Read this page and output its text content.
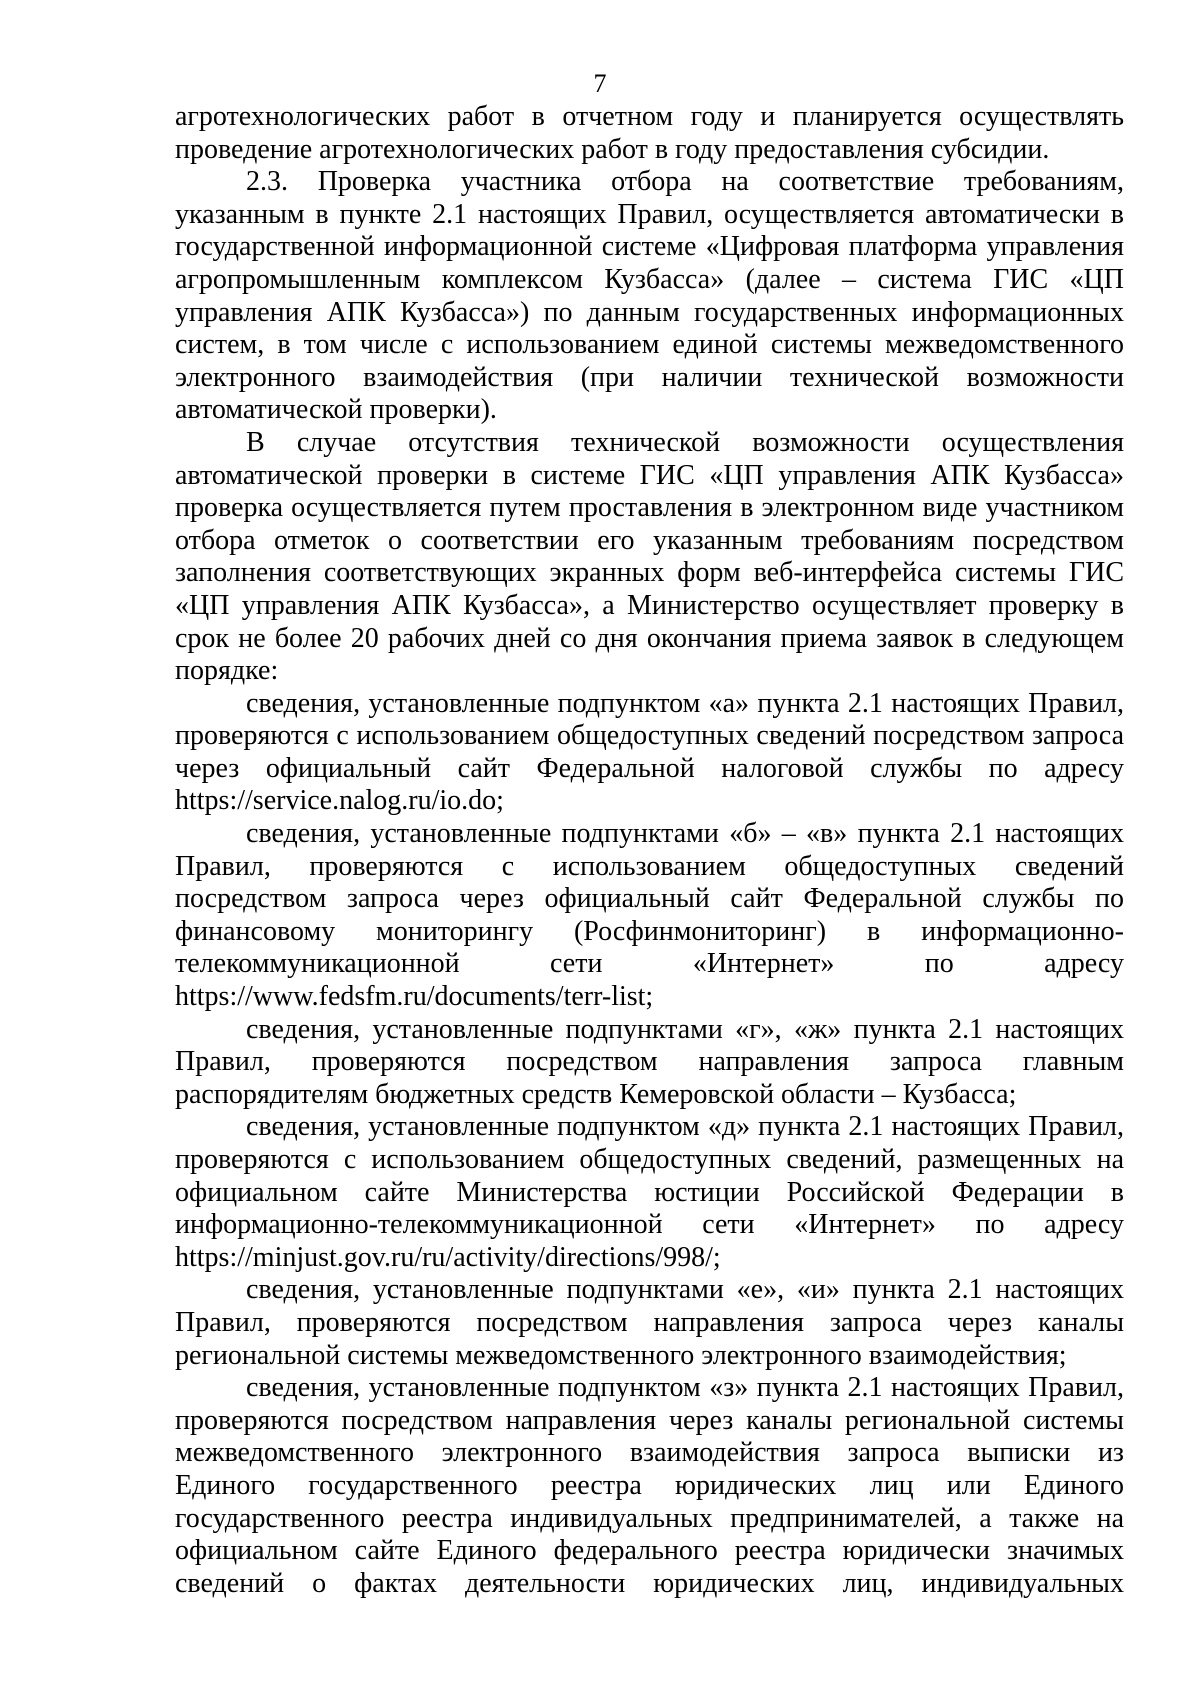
7

агротехнологических работ в отчетном году и планируется осуществлять проведение агротехнологических работ в году предоставления субсидии.

2.3. Проверка участника отбора на соответствие требованиям, указанным в пункте 2.1 настоящих Правил, осуществляется автоматически в государственной информационной системе «Цифровая платформа управления агропромышленным комплексом Кузбасса» (далее – система ГИС «ЦП управления АПК Кузбасса») по данным государственных информационных систем, в том числе с использованием единой системы межведомственного электронного взаимодействия (при наличии технической возможности автоматической проверки).

В случае отсутствия технической возможности осуществления автоматической проверки в системе ГИС «ЦП управления АПК Кузбасса» проверка осуществляется путем проставления в электронном виде участником отбора отметок о соответствии его указанным требованиям посредством заполнения соответствующих экранных форм веб-интерфейса системы ГИС «ЦП управления АПК Кузбасса», а Министерство осуществляет проверку в срок не более 20 рабочих дней со дня окончания приема заявок в следующем порядке:

сведения, установленные подпунктом «а» пункта 2.1 настоящих Правил, проверяются с использованием общедоступных сведений посредством запроса через официальный сайт Федеральной налоговой службы по адресу https://service.nalog.ru/io.do;

сведения, установленные подпунктами «б» – «в» пункта 2.1 настоящих Правил, проверяются с использованием общедоступных сведений посредством запроса через официальный сайт Федеральной службы по финансовому мониторингу (Росфинмониторинг) в информационно-телекоммуникационной сети «Интернет» по адресу https://www.fedsfm.ru/documents/terr-list;

сведения, установленные подпунктами «г», «ж» пункта 2.1 настоящих Правил, проверяются посредством направления запроса главным распорядителям бюджетных средств Кемеровской области – Кузбасса;

сведения, установленные подпунктом «д» пункта 2.1 настоящих Правил, проверяются с использованием общедоступных сведений, размещенных на официальном сайте Министерства юстиции Российской Федерации в информационно-телекоммуникационной сети «Интернет» по адресу https://minjust.gov.ru/ru/activity/directions/998/;

сведения, установленные подпунктами «е», «и» пункта 2.1 настоящих Правил, проверяются посредством направления запроса через каналы региональной системы межведомственного электронного взаимодействия;

сведения, установленные подпунктом «з» пункта 2.1 настоящих Правил, проверяются посредством направления через каналы региональной системы межведомственного электронного взаимодействия запроса выписки из Единого государственного реестра юридических лиц или Единого государственного реестра индивидуальных предпринимателей, а также на официальном сайте Единого федерального реестра юридически значимых сведений о фактах деятельности юридических лиц, индивидуальных
